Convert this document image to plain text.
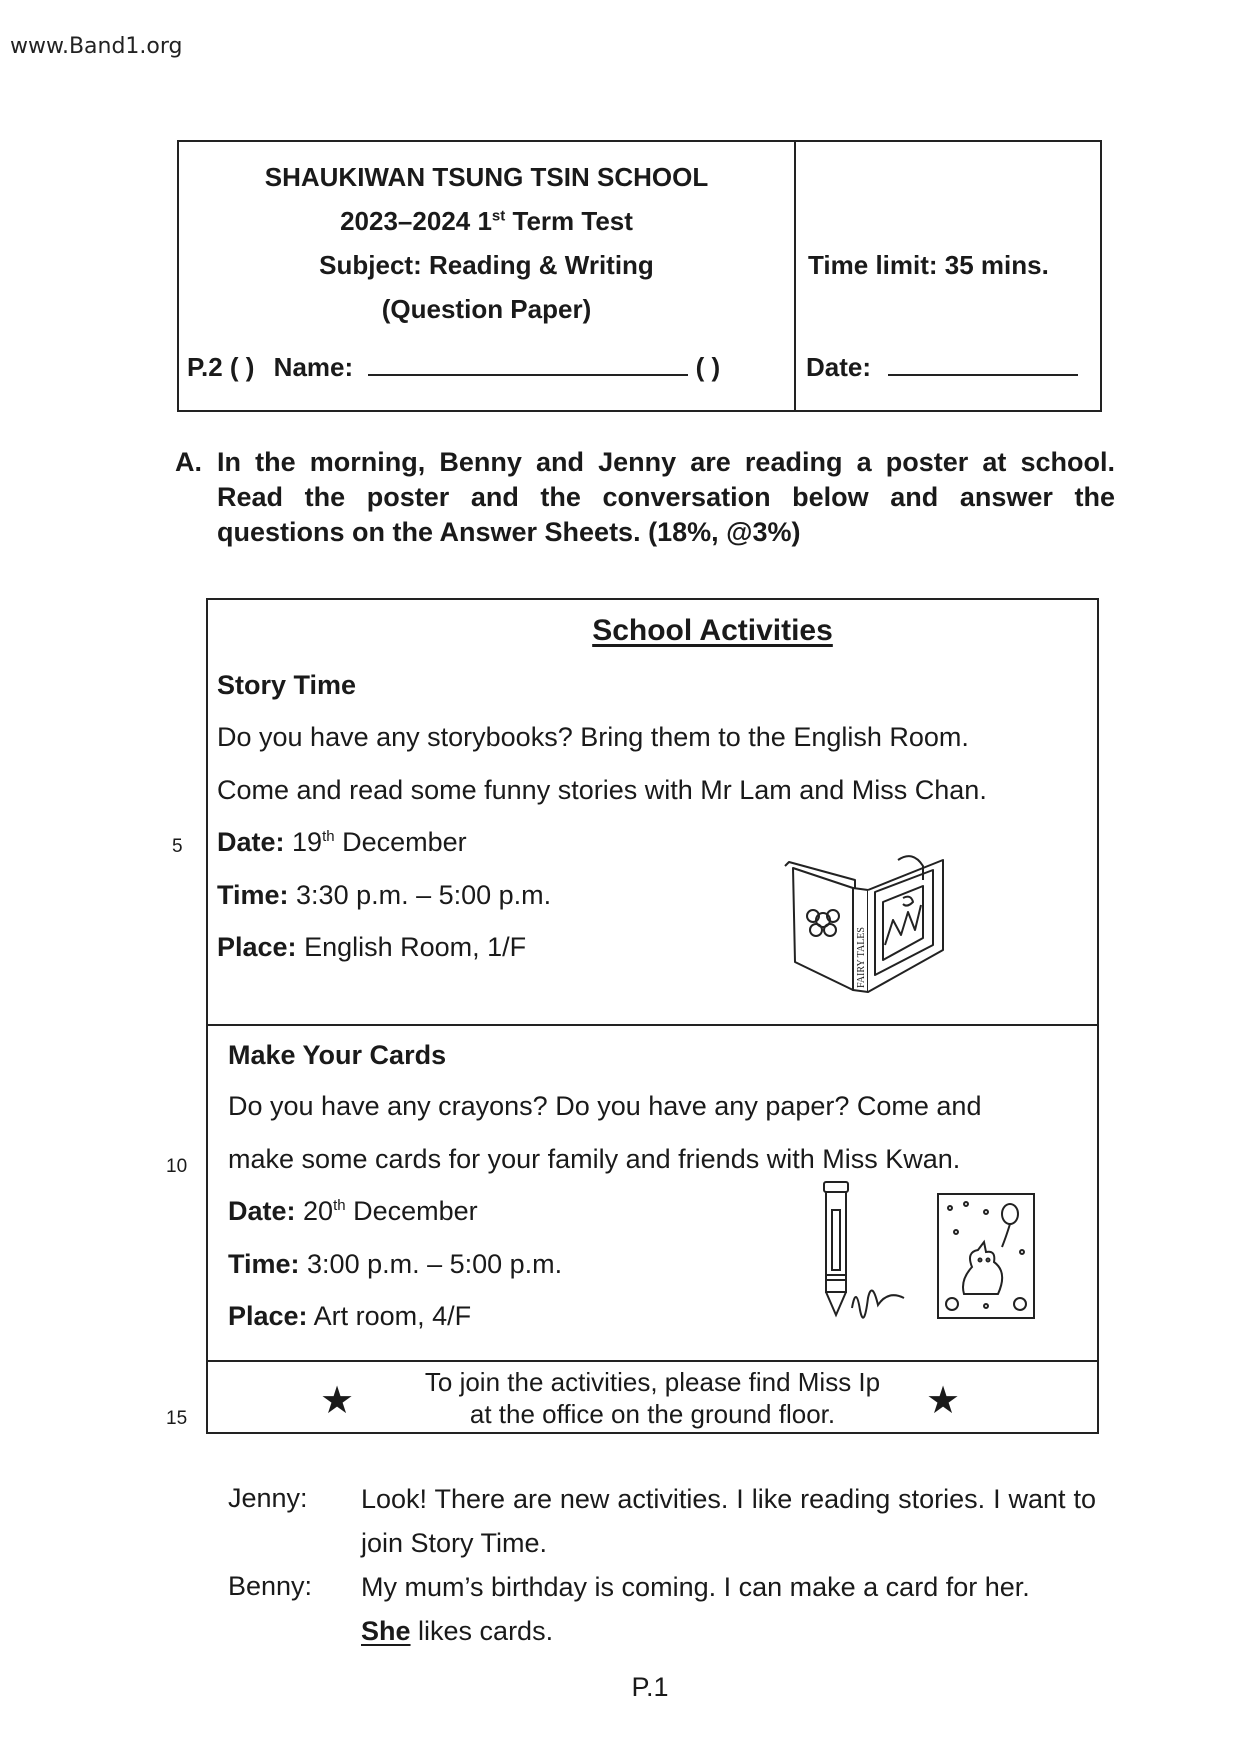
www.Band1.org
SHAUKIWAN TSUNG TSIN SCHOOL
2023–2024 1st Term Test
Subject: Reading & Writing
(Question Paper)
P.2 ( ) Name:	( )
Time limit: 35 mins.
Date:
A. In the morning, Benny and Jenny are reading a poster at school. Read the poster and the conversation below and answer the questions on the Answer Sheets. (18%, @3%)
5
10
15
School Activities
Story Time
Do you have any storybooks? Bring them to the English Room.
Come and read some funny stories with Mr Lam and Miss Chan.
Date: 19th December
Time: 3:30 p.m. – 5:00 p.m.
Place: English Room, 1/F	FAIRY TALES
Make Your Cards
Do you have any crayons? Do you have any paper? Come and
make some cards for your family and friends with Miss Kwan.
Date: 20th December
Time: 3:00 p.m. – 5:00 p.m.
Place: Art room, 4/F
★	To join the activities, please find Miss Ip
at the office on the ground floor.	★
Jenny: Look! There are new activities. I like reading stories. I want to join Story Time.
Benny: My mum’s birthday is coming. I can make a card for her.
She likes cards.
P.1
